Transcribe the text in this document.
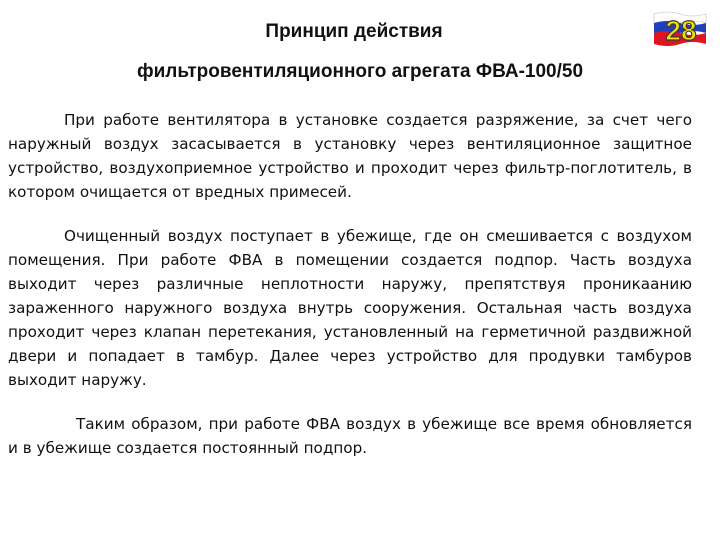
Принцип действия
фильтровентиляционного агрегата ФВА-100/50
28

При работе вентилятора в установке создается разряжение, за счет чего наружный воздух засасывается в установку через вентиляционное защитное устройство, воздухоприемное устройство и проходит через фильтр-поглотитель, в котором очищается от вредных примесей.

Очищенный воздух поступает в убежище, где он смешивается с воздухом помещения. При работе ФВА в помещении создается подпор. Часть воздуха выходит через различные неплотности наружу, препятствуя проникаанию зараженного наружного воздуха внутрь сооружения. Остальная часть воздуха проходит через клапан перетекания, установленный на герметичной раздвижной двери и попадает в тамбур. Далее через устройство для продувки тамбуров выходит наружу.

Таким образом, при работе ФВА воздух в убежище все время обновляется и в убежище создается постоянный подпор.
